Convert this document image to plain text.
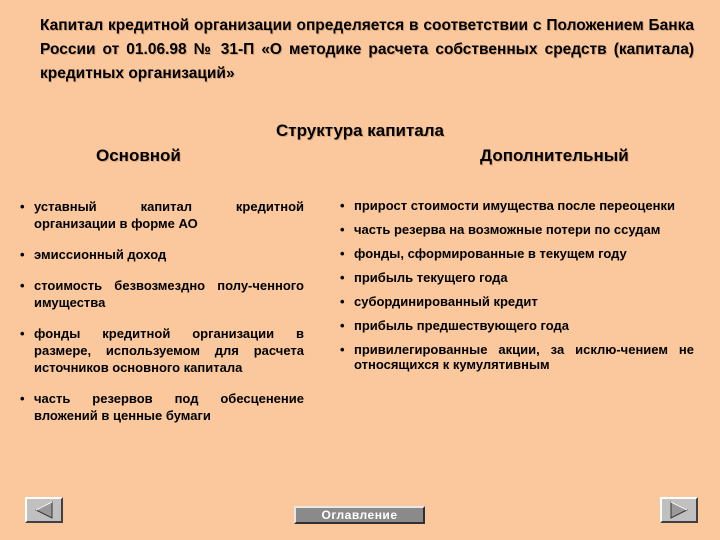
Капитал кредитной организации определяется в соответствии с Положением Банка России от 01.06.98 № 31-П «О методике расчета собственных средств (капитала) кредитных организаций»
Структура капитала
Основной	Дополнительный
• уставный капитал кредитной организации в форме АО
• эмиссионный доход
• стоимость безвозмездно полу-ченного имущества
• фонды кредитной организации в размере, используемом для расчета источников основного капитала
• часть резервов под обесценение вложений в ценные бумаги
• прирост стоимости имущества после переоценки
• часть резерва на возможные потери по ссудам
• фонды, сформированные в текущем году
• прибыль текущего года
• субординированный кредит
• прибыль предшествующего года
• привилегированные акции, за исклю-чением не относящихся к кумулятивным
Оглавление
